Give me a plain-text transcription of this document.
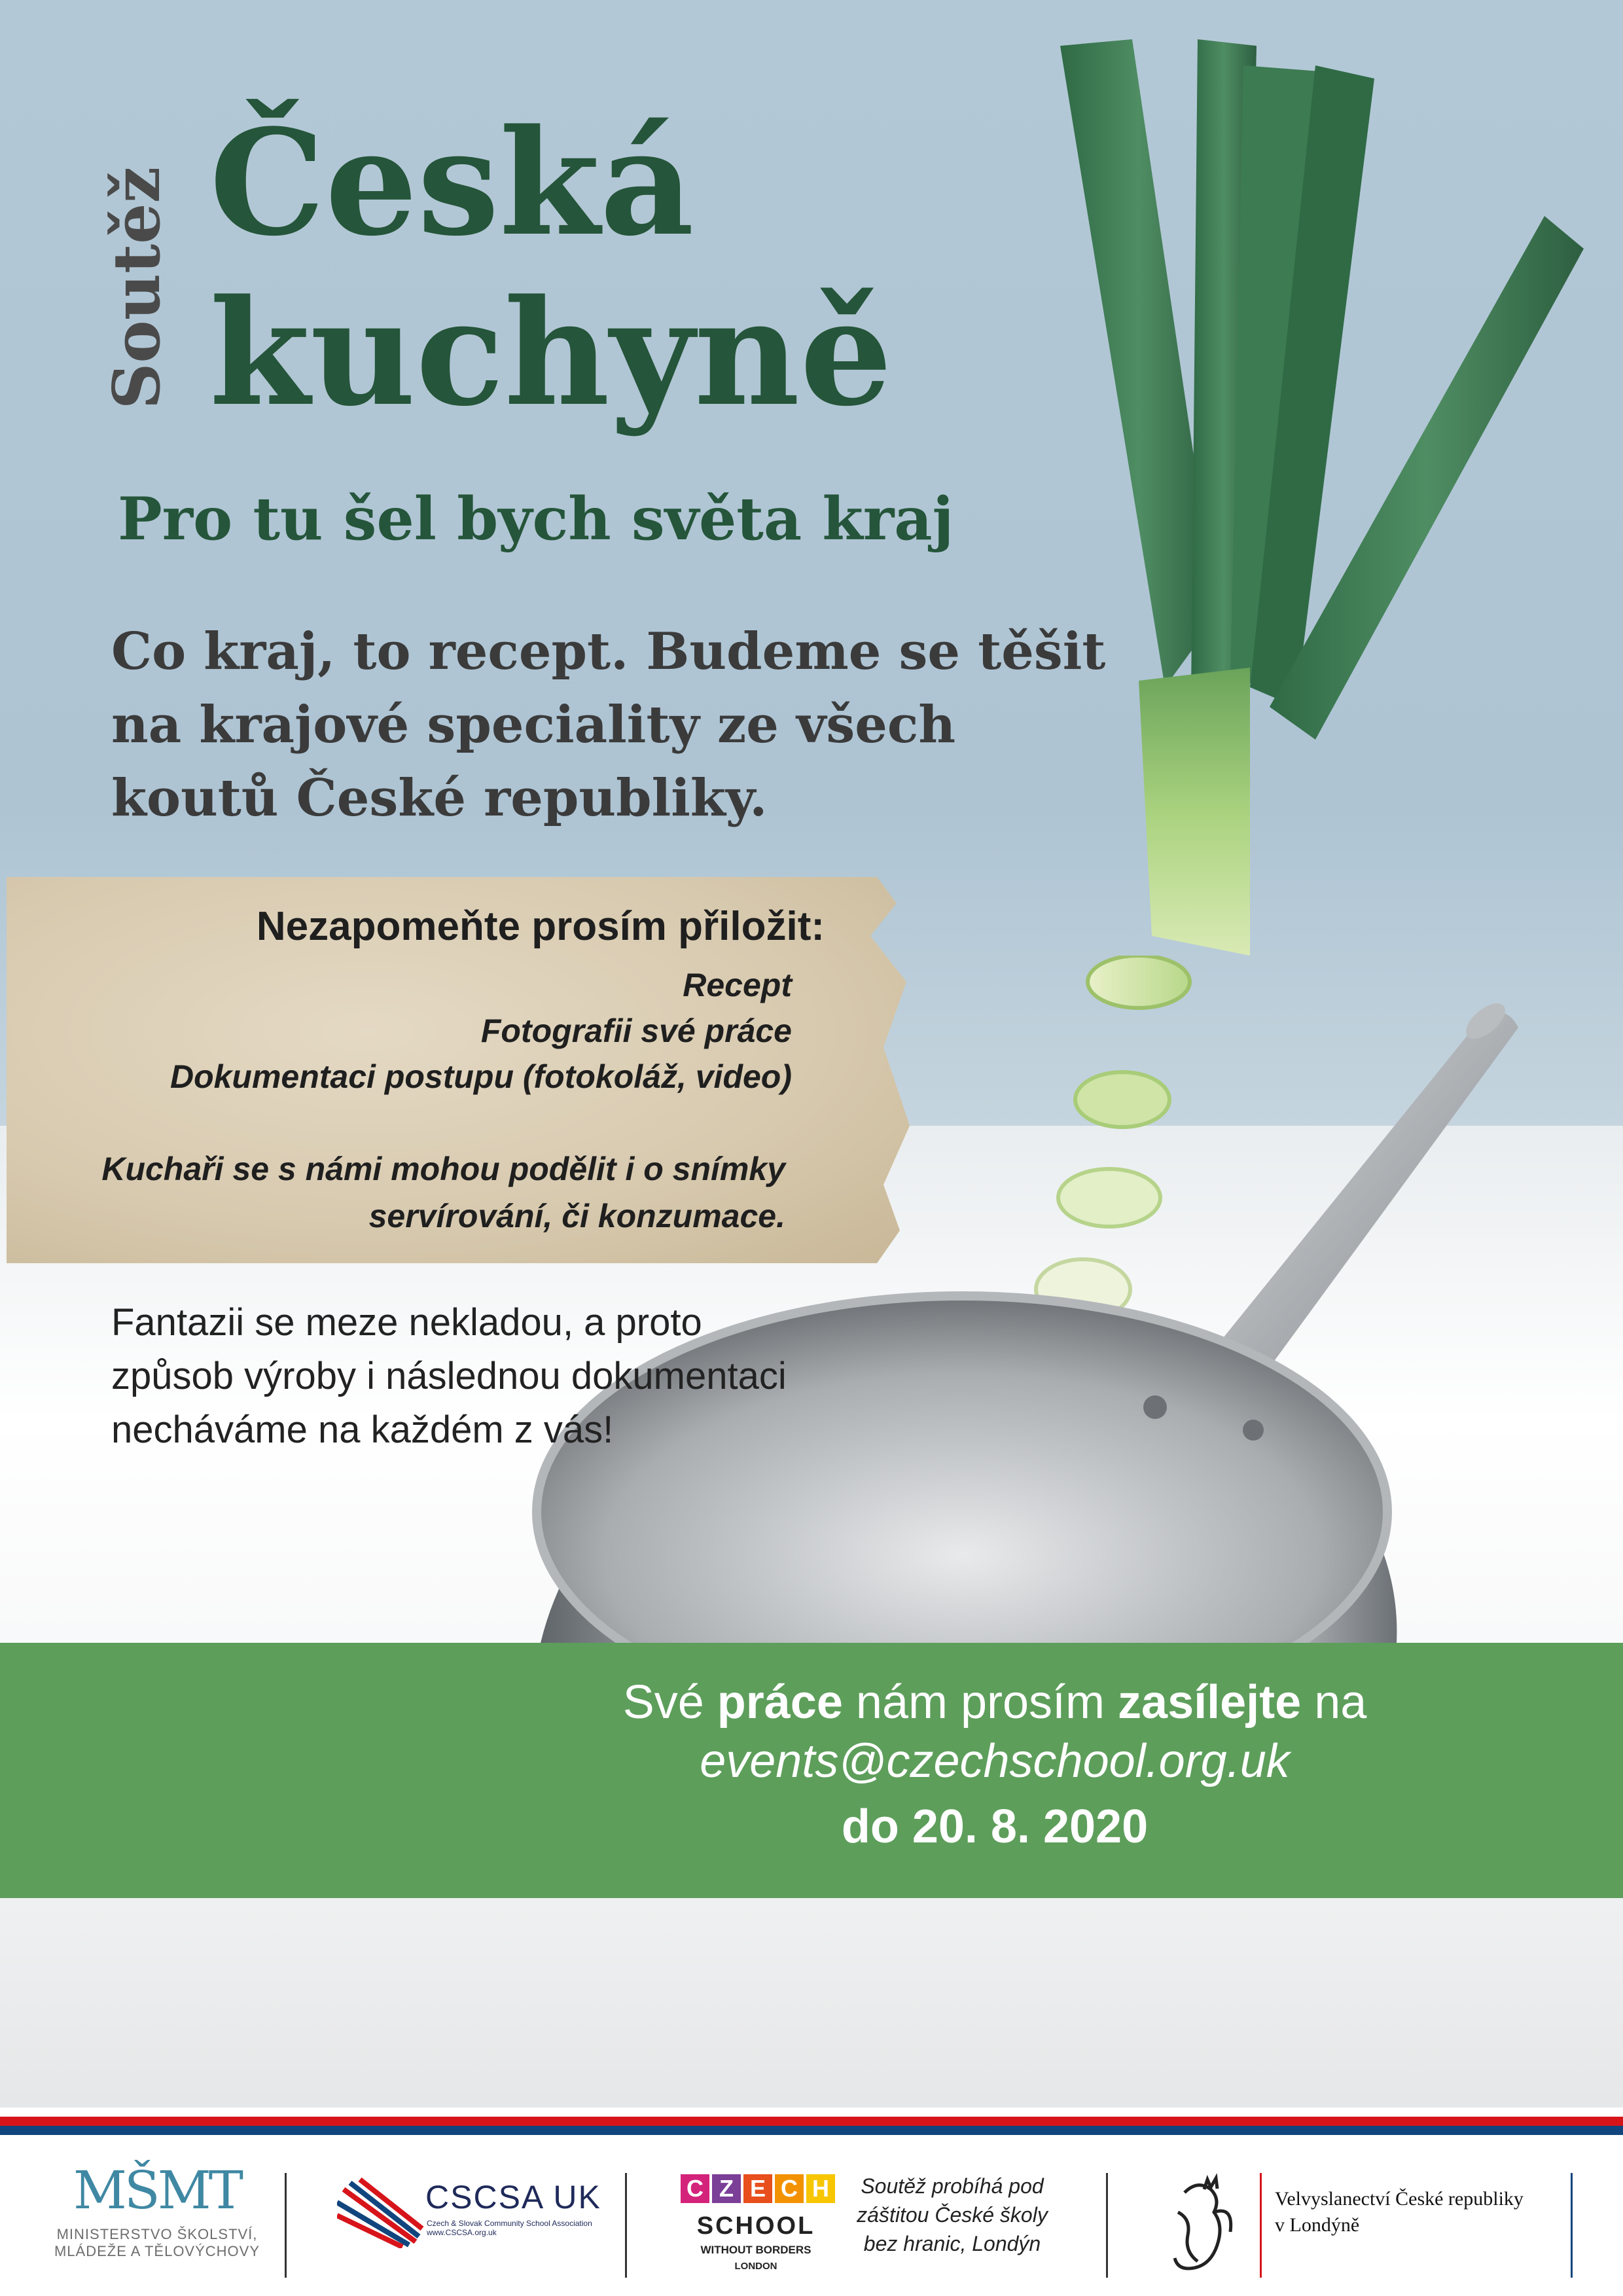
Soutěž Česká
kuchyně
Pro tu šel bych světa kraj
Co kraj, to recept. Budeme se těšit na krajové speciality ze všech koutů České republiky.
Nezapomeňte prosím přiložit:
Recept
Fotografii své práce
Dokumentaci postupu (fotokoláž, video)
Kuchaři se s námi mohou podělit i o snímky servírování, či konzumace.
Fantazii se meze nekladou, a proto způsob výroby i následnou dokumentaci necháváme na každém z vás!
Své práce nám prosím zasílejte na
events@czechschool.org.uk
do 20. 8. 2020
MŠMT
MINISTERSTVO ŠKOLSTVÍ,
MLÁDEŽE A TĚLOVÝCHOVY
CSCSA UK
Czech & Slovak Community School Association
www.CSCSA.org.uk
C Z E C H
SCHOOL
WITHOUT BORDERS
LONDON
Soutěž probíhá pod záštitou České školy bez hranic, Londýn
Velvyslanectví České republiky
v Londýně
